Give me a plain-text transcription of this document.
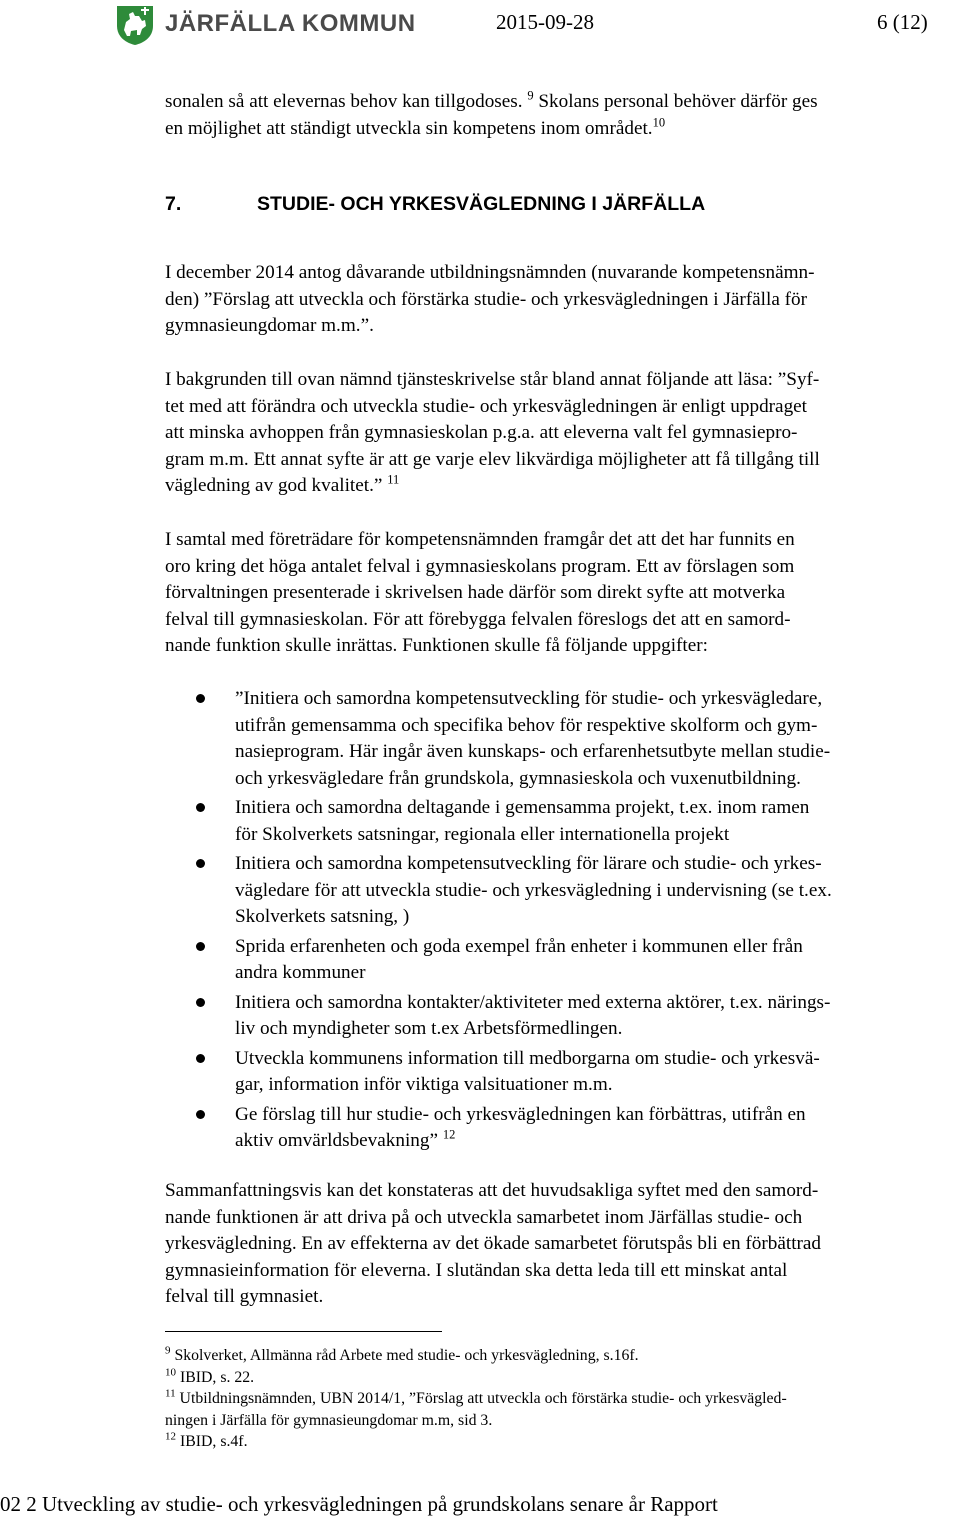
JÄRFÄLLA KOMMUN	2015-09-28	6 (12)

sonalen så att elevernas behov kan tillgodoses. $^9$ Skolans personal behöver därför ges

en möjlighet att ständigt utveckla sin kompetens inom området.$^{10}$

7.	STUDIE- OCH YRKESVÄGLEDNING I JÄRFÄLLA

I december 2014 antog dåvarande utbildningsnämnden (nuvarande kompetensnämn-

den) ”Förslag att utveckla och förstärka studie- och yrkesvägledningen i Järfälla för

gymnasieungdomar m.m.”.

I bakgrunden till ovan nämnd tjänsteskrivelse står bland annat följande att läsa: ”Syf-

tet med att förändra och utveckla studie- och yrkesvägledningen är enligt uppdraget

att minska avhoppen från gymnasieskolan p.g.a. att eleverna valt fel gymnasiepro-

gram m.m. Ett annat syfte är att ge varje elev likvärdiga möjligheter att få tillgång till

vägledning av god kvalitet.” $^{11}$

I samtal med företrädare för kompetensnämnden framgår det att det har funnits en

oro kring det höga antalet felval i gymnasieskolans program. Ett av förslagen som

förvaltningen presenterade i skrivelsen hade därför som direkt syfte att motverka

felval till gymnasieskolan. För att förebygga felvalen föreslogs det att en samord-

nande funktion skulle inrättas. Funktionen skulle få följande uppgifter:

”Initiera och samordna kompetensutveckling för studie- och yrkesvägledare,
utifrån gemensamma och specifika behov för respektive skolform och gym-
nasieprogram. Här ingår även kunskaps- och erfarenhetsutbyte mellan studie-
och yrkesvägledare från grundskola, gymnasieskola och vuxenutbildning.
Initiera och samordna deltagande i gemensamma projekt, t.ex. inom ramen
för Skolverkets satsningar, regionala eller internationella projekt
Initiera och samordna kompetensutveckling för lärare och studie- och yrkes-
vägledare för att utveckla studie- och yrkesvägledning i undervisning (se t.ex.
Skolverkets satsning, )
Sprida erfarenheten och goda exempel från enheter i kommunen eller från
andra kommuner
Initiera och samordna kontakter/aktiviteter med externa aktörer, t.ex. närings-
liv och myndigheter som t.ex Arbetsförmedlingen.
Utveckla kommunens information till medborgarna om studie- och yrkesvä-
gar, information inför viktiga valsituationer m.m.
Ge förslag till hur studie- och yrkesvägledningen kan förbättras, utifrån en
aktiv omvärldsbevakning” $^{12}$

Sammanfattningsvis kan det konstateras att det huvudsakliga syftet med den samord-

nande funktionen är att driva på och utveckla samarbetet inom Järfällas studie- och

yrkesvägledning. En av effekterna av det ökade samarbetet förutspås bli en förbättrad

gymnasieinformation för eleverna. I slutändan ska detta leda till ett minskat antal

felval till gymnasiet.

$^9$ Skolverket, Allmänna råd Arbete med studie- och yrkesvägledning, s.16f.

$^{10}$ IBID, s. 22.

$^{11}$ Utbildningsnämnden, UBN 2014/1, ”Förslag att utveckla och förstärka studie- och yrkesvägled-
ningen i Järfälla för gymnasieungdomar m.m, sid 3.

$^{12}$ IBID, s.4f.

02 2 Utveckling av studie- och yrkesvägledningen på grundskolans senare år Rapport
